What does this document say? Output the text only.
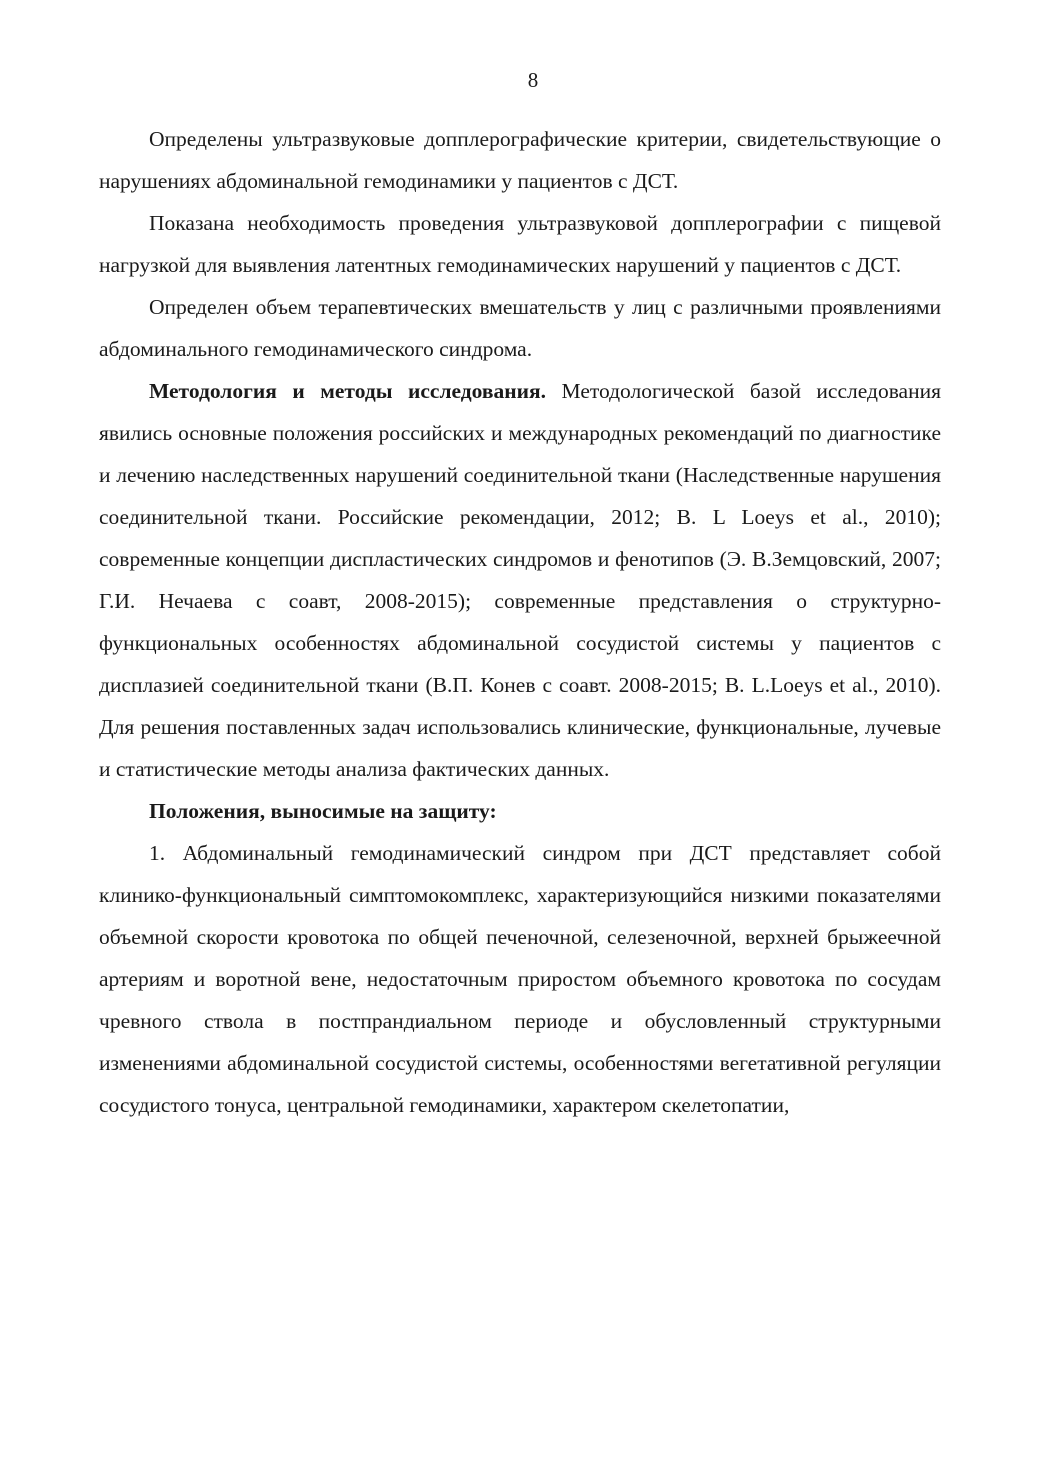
8

Определены ультразвуковые допплерографические критерии, свидетельствующие о нарушениях абдоминальной гемодинамики у пациентов с ДСТ.

Показана необходимость проведения ультразвуковой допплерографии с пищевой нагрузкой для выявления латентных гемодинамических нарушений у пациентов с ДСТ.

Определен объем терапевтических вмешательств у лиц с различными проявлениями абдоминального гемодинамического синдрома.

Методология и методы исследования. Методологической базой исследования явились основные положения российских и международных рекомендаций по диагностике и лечению наследственных нарушений соединительной ткани (Наследственные нарушения соединительной ткани. Российские рекомендации, 2012; B. L Loeys et al., 2010); современные концепции диспластических синдромов и фенотипов (Э. В.Земцовский, 2007; Г.И. Нечаева с соавт, 2008-2015); современные представления о структурно-функциональных особенностях абдоминальной сосудистой системы у пациентов с дисплазией соединительной ткани (В.П. Конев с соавт. 2008-2015; B. L.Loeys et al., 2010). Для решения поставленных задач использовались клинические, функциональные, лучевые и статистические методы анализа фактических данных.

Положения, выносимые на защиту:

1. Абдоминальный гемодинамический синдром при ДСТ представляет собой клинико-функциональный симптомокомплекс, характеризующийся низкими показателями объемной скорости кровотока по общей печеночной, селезеночной, верхней брыжеечной артериям и воротной вене, недостаточным приростом объемного кровотока по сосудам чревного ствола в постпрандиальном периоде и обусловленный структурными изменениями абдоминальной сосудистой системы, особенностями вегетативной регуляции сосудистого тонуса, центральной гемодинамики, характером скелетопатии,
